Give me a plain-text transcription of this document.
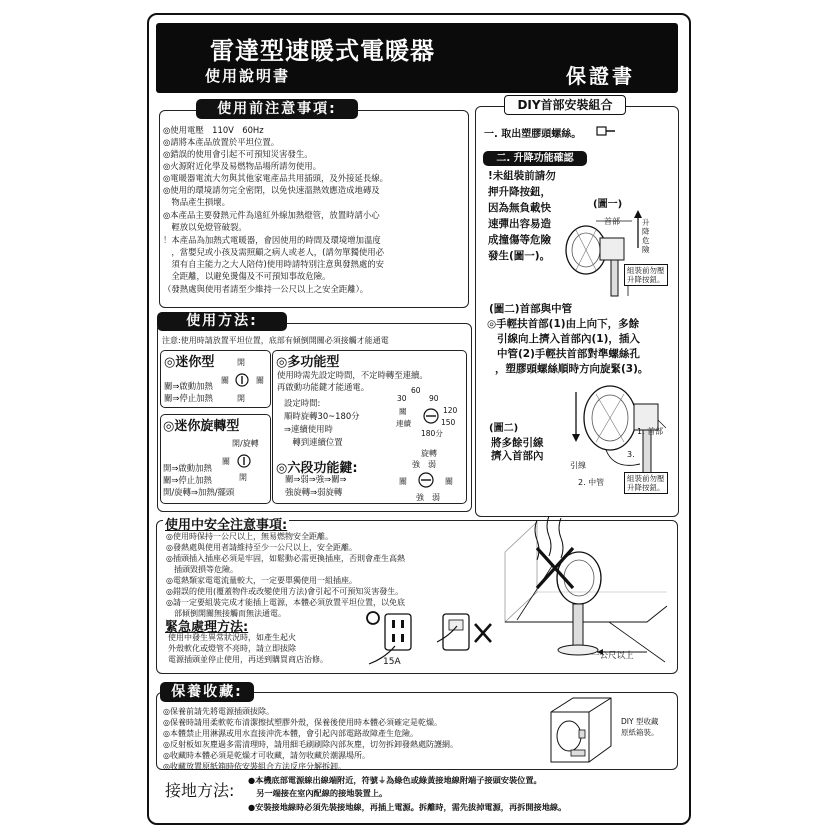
雷達型速暖式電暖器
使用說明書	保證書
使用前注意事項:
◎使用電壓　110V　60Hz
◎請將本產品放置於平坦位置。
◎錯誤的使用會引起不可預知災害發生。
◎火源附近化學及易燃物品場所請勿使用。
◎電暖器電流大勿與其他家電產品共用插頭，及外接延長線。
◎使用的環境請勿完全密閉，以免快速溫熱效應造成地磚及
　物品產生損壞。
◎本產品主要發熱元件為遠紅外線加熱燈管，放置時請小心
　輕放以免燈管破裂。
！本產品為加熱式電暖器，會因使用的時間及環境增加溫度
　，當嬰兒或小孩及需照顧之病人或老人，(請勿單獨使用必
　須有自主能力之大人陪侍)使用時請特別注意與發熱處的安
　全距離，以避免燙傷及不可預知事故危險。
（發熱處與使用者請至少維持一公尺以上之安全距離）。
DIY首部安裝組合
一. 取出塑膠頭螺絲。
二. 升降功能確認
!未組裝前請勿
押升降按鈕，
因為無負載快
速彈出容易造
成撞傷等危險
發生(圖一)。
(圖一)
首部	升降危險
組裝前勿壓
升降按鈕。
(圖二)首部與中管
◎手輕扶首部(1)由上向下，多餘
引線向上擠入首部內(1)，插入
中管(2)手輕扶首部對準螺絲孔
，塑膠頭螺絲順時方向旋緊(3)。
(圖二)
將多餘引線
擠入首部內
1. 首部
3.
引線
2. 中管	組裝前勿壓
升降按鈕。
使用方法:
注意:使用時請放置平坦位置，底部有傾倒開關必須接觸才能通電
◎迷你型
關⇒啟動加熱
關⇒停止加熱
開
關	關
開
◎迷你旋轉型
開/旋轉
關
開
開⇒啟動加熱
關⇒停止加熱
開/旋轉⇒加熱/擺頭
◎多功能型
使用時需先設定時間，不定時轉至連續。
再啟動功能鍵才能通電。
設定時間:
順時旋轉30~180分
⇒連續使用時
　轉到連續位置
60
30	90
120
150
180分
關
連續
◎六段功能鍵:
關⇒弱⇒強⇒關⇒
強旋轉⇒弱旋轉
旋轉
強　弱
關	關
強　弱
使用中安全注意事項:
◎使用時保持一公尺以上，無易燃物安全距離。
◎發熱處與使用者請維持至少一公尺以上，安全距離。
◎插頭插入插座必須是牢固，如鬆動必需更換插座，否則會產生高熱
　插頭毀損等危險。
◎電熱類家電電流量較大，一定要單獨使用一組插座。
◎錯誤的使用(覆蓋物件或改變使用方法)會引起不可預知災害發生。
◎請一定要組裝完成才能插上電源，本體必須放置平坦位置，以免底
　部傾倒開關無接觸而無法通電。
緊急處理方法:
使用中發生異常狀況時，如產生起火
外殼軟化或燈管不亮時，請立即拔除
電源插頭並停止使用，再送到購買商店治修。	15A
一公尺以上
保養收藏:
◎保養前請先將電源插頭拔除。
◎保養時請用柔軟乾布清潔擦拭塑膠外殼，保養後使用時本體必須確定是乾燥。
◎本體禁止用淋濕或用水直接沖洗本體，會引起內部電路故障產生危險。
◎反射板如灰塵過多需清理時，請用細毛刷刷除內部灰塵，切勿拆卸發熱處防護網。
◎收藏時本體必須是乾燥才可收藏，請勿收藏於潮濕場所。
◎收藏放置原紙箱時依安裝組合方法反序分解拆卸。
DIY 型收藏
原紙箱裝。
接地方法:
●本機底部電源線出線端附近，符號⏚為綠色或綠黃接地線附端子接頭安裝位置。
　另一端接在室內配線的接地裝置上。
●安裝接地線時必須先裝接地線，再插上電源。拆離時，需先拔掉電源，再拆開接地線。
